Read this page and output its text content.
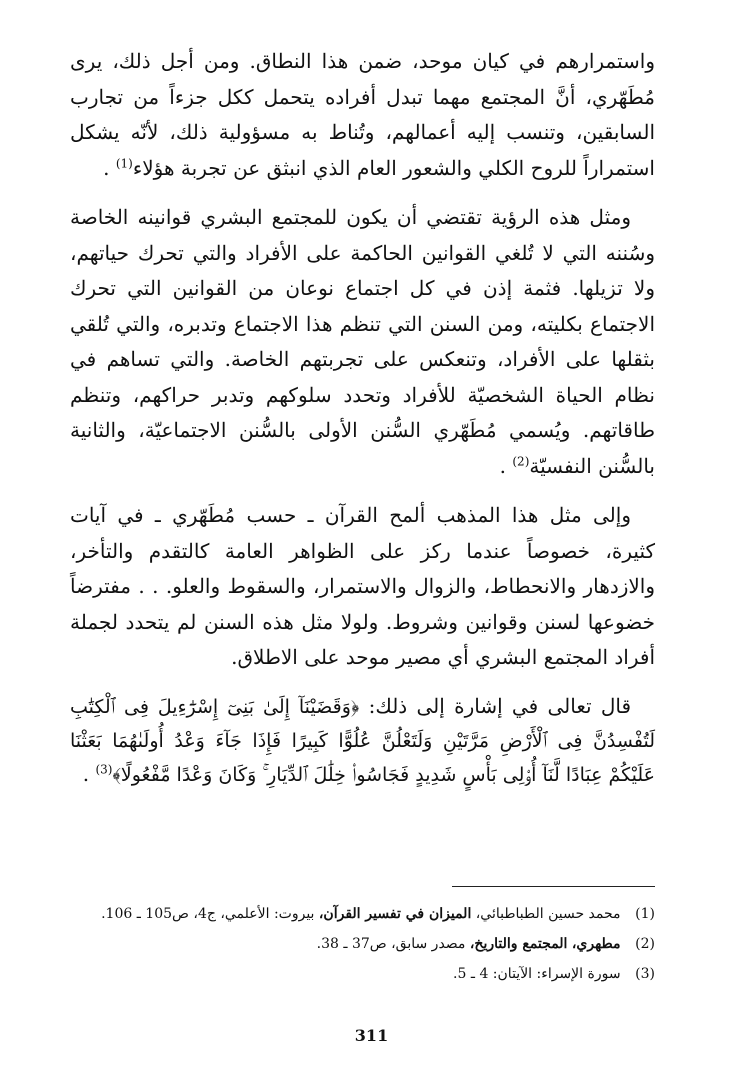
واستمرارهم في كيان موحد، ضمن هذا النطاق. ومن أجل ذلك، يرى مُطَهّري، أنَّ المجتمع مهما تبدل أفراده يتحمل ككل جزءاً من تجارب السابقين، وتنسب إليه أعمالهم، وتُناط به مسؤولية ذلك، لأنّه يشكل استمراراً للروح الكلي والشعور العام الذي انبثق عن تجربة هؤلاء$^{(1)}$ .

ومثل هذه الرؤية تقتضي أن يكون للمجتمع البشري قوانينه الخاصة وسُننه التي لا تُلغي القوانين الحاكمة على الأفراد والتي تحرك حياتهم، ولا تزيلها. فثمة إذن في كل اجتماع نوعان من القوانين التي تحرك الاجتماع بكليته، ومن السنن التي تنظم هذا الاجتماع وتدبره، والتي تُلقي بثقلها على الأفراد، وتنعكس على تجربتهم الخاصة. والتي تساهم في نظام الحياة الشخصيّة للأفراد وتحدد سلوكهم وتدبر حراكهم، وتنظم طاقاتهم. ويُسمي مُطَهّري السُّنن الأولى بالسُّنن الاجتماعيّة، والثانية بالسُّنن النفسيّة$^{(2)}$ .

وإلى مثل هذا المذهب ألمح القرآن ـ حسب مُطَهّري ـ في آيات كثيرة، خصوصاً عندما ركز على الظواهر العامة كالتقدم والتأخر، والازدهار والانحطاط، والزوال والاستمرار، والسقوط والعلو. . . مفترضاً خضوعها لسنن وقوانين وشروط. ولولا مثل هذه السنن لم يتحدد لجملة أفراد المجتمع البشري أي مصير موحد على الاطلاق.

قال تعالى في إشارة إلى ذلك: ﴿وَقَضَيْنَآ إِلَىٰ بَنِىٓ إِسْرَٰٓءِيلَ فِى ٱلْكِتَٰبِ لَتُفْسِدُنَّ فِى ٱلْأَرْضِ مَرَّتَيْنِ وَلَتَعْلُنَّ عُلُوًّا كَبِيرًا فَإِذَا جَآءَ وَعْدُ أُولَىٰهُمَا بَعَثْنَا عَلَيْكُمْ عِبَادًا لَّنَآ أُو۟لِى بَأْسٍ شَدِيدٍ فَجَاسُوا۟ خِلَٰلَ ٱلدِّيَارِ ۚ وَكَانَ وَعْدًا مَّفْعُولًا﴾$^{(3)}$ .

(1) محمد حسين الطباطبائي، الميزان في تفسير القرآن، بيروت: الأعلمي، ج4، ص105 ـ 106.
(2) مطهري، المجتمع والتاريخ، مصدر سابق، ص37 ـ 38.
(3) سورة الإسراء: الآيتان: 4 ـ 5.
311
